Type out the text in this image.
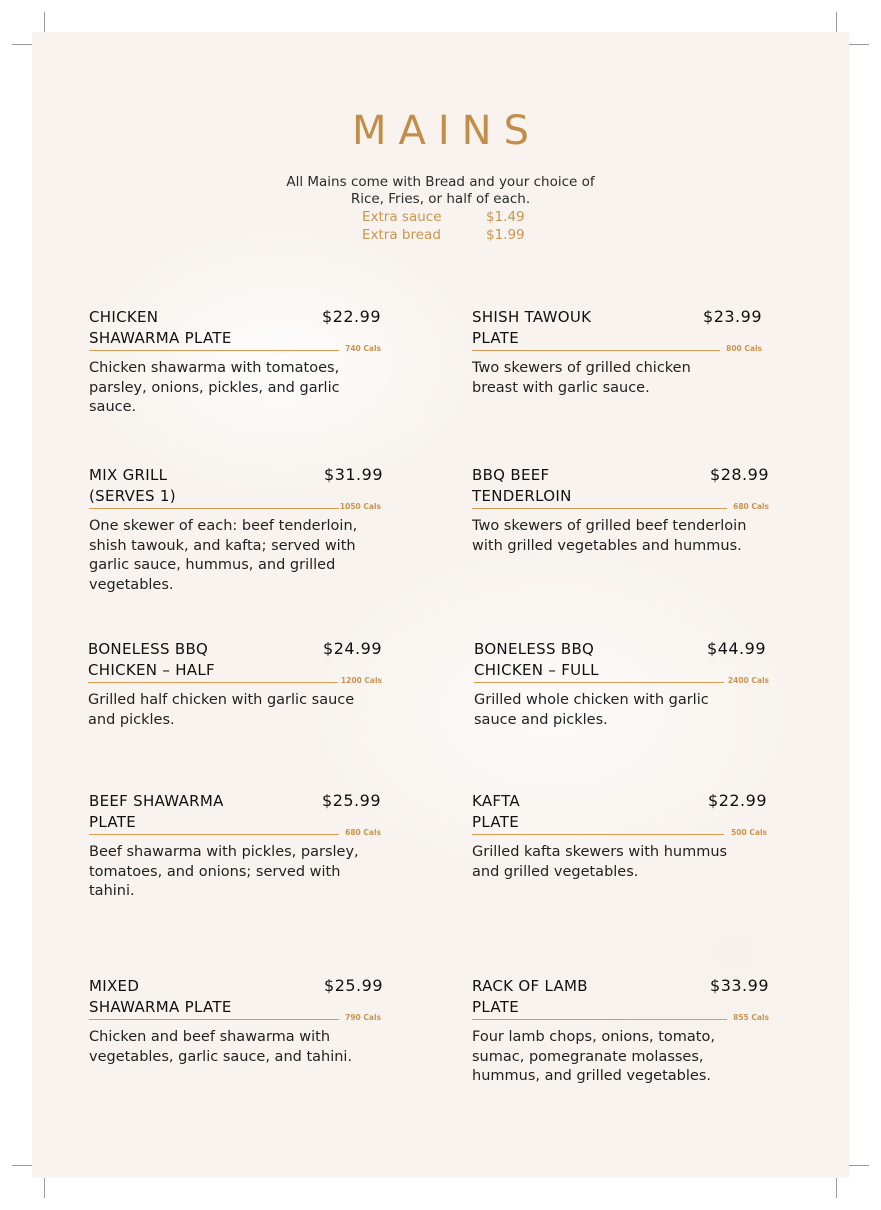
MAINS
All Mains come with Bread and your choice of
Rice, Fries, or half of each.
Extra sauce	$1.49
Extra bread	$1.99
CHICKEN
SHAWARMA PLATE
$22.99
740 Cals
Chicken shawarma with tomatoes, parsley, onions, pickles, and garlic sauce.
SHISH TAWOUK
PLATE
$23.99
800 Cals
Two skewers of grilled chicken breast with garlic sauce.
MIX GRILL
(SERVES 1)
$31.99
1050 Cals
One skewer of each: beef tenderloin, shish tawouk, and kafta; served with garlic sauce, hummus, and grilled vegetables.
BBQ BEEF
TENDERLOIN
$28.99
680 Cals
Two skewers of grilled beef tenderloin with grilled vegetables and hummus.
BONELESS BBQ
CHICKEN – HALF
$24.99
1200 Cals
Grilled half chicken with garlic sauce and pickles.
BONELESS BBQ
CHICKEN – FULL
$44.99
2400 Cals
Grilled whole chicken with garlic sauce and pickles.
BEEF SHAWARMA
PLATE
$25.99
680 Cals
Beef shawarma with pickles, parsley, tomatoes, and onions; served with tahini.
KAFTA
PLATE
$22.99
500 Cals
Grilled kafta skewers with hummus and grilled vegetables.
MIXED
SHAWARMA PLATE
$25.99
790 Cals
Chicken and beef shawarma with vegetables, garlic sauce, and tahini.
RACK OF LAMB
PLATE
$33.99
855 Cals
Four lamb chops, onions, tomato, sumac, pomegranate molasses, hummus, and grilled vegetables.
